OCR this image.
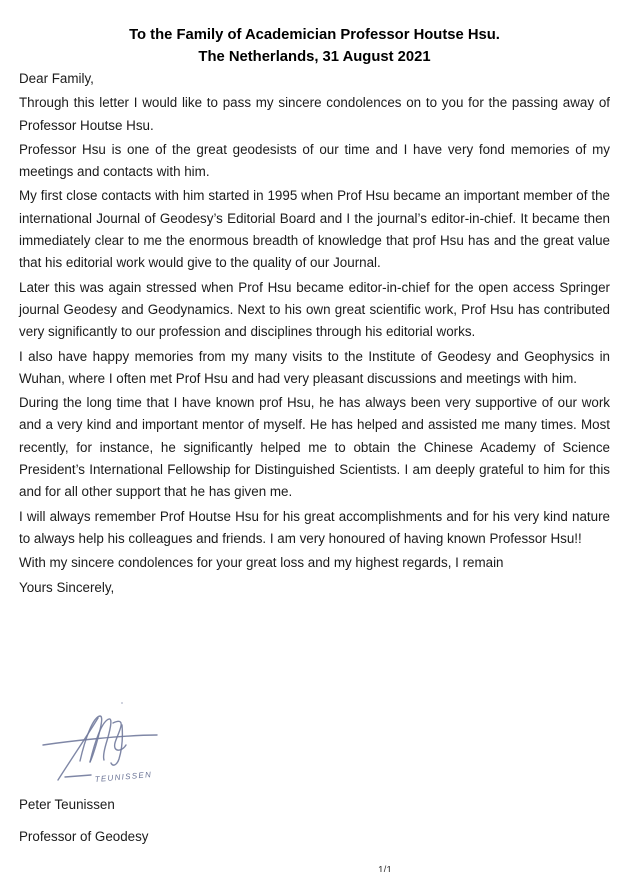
To the Family of Academician Professor Houtse Hsu.
The Netherlands, 31 August 2021

Dear Family,

Through this letter I would like to pass my sincere condolences on to you for the passing away of Professor Houtse Hsu.

Professor Hsu is one of the great geodesists of our time and I have very fond memories of my meetings and contacts with him.

My first close contacts with him started in 1995 when Prof Hsu became an important member of the international Journal of Geodesy’s Editorial Board and I the journal’s editor-in-chief. It became then immediately clear to me the enormous breadth of knowledge that prof Hsu has and the great value that his editorial work would give to the quality of our Journal.

Later this was again stressed when Prof Hsu became editor-in-chief for the open access Springer journal Geodesy and Geodynamics. Next to his own great scientific work, Prof Hsu has contributed very significantly to our profession and disciplines through his editorial works.

I also have happy memories from my many visits to the Institute of Geodesy and Geophysics in Wuhan, where I often met Prof Hsu and had very pleasant discussions and meetings with him.

During the long time that I have known prof Hsu, he has always been very supportive of our work and a very kind and important mentor of myself. He has helped and assisted me many times. Most recently, for instance, he significantly helped me to obtain the Chinese Academy of Science President’s International Fellowship for Distinguished Scientists. I am deeply grateful to him for this and for all other support that he has given me.

I will always remember Prof Houtse Hsu for his great accomplishments and for his very kind nature to always help his colleagues and friends. I am very honoured of having known Professor Hsu!!

With my sincere condolences for your great loss and my highest regards, I remain

Yours Sincerely,

TEUNISSEN
Peter Teunissen
Professor of Geodesy
1/1
